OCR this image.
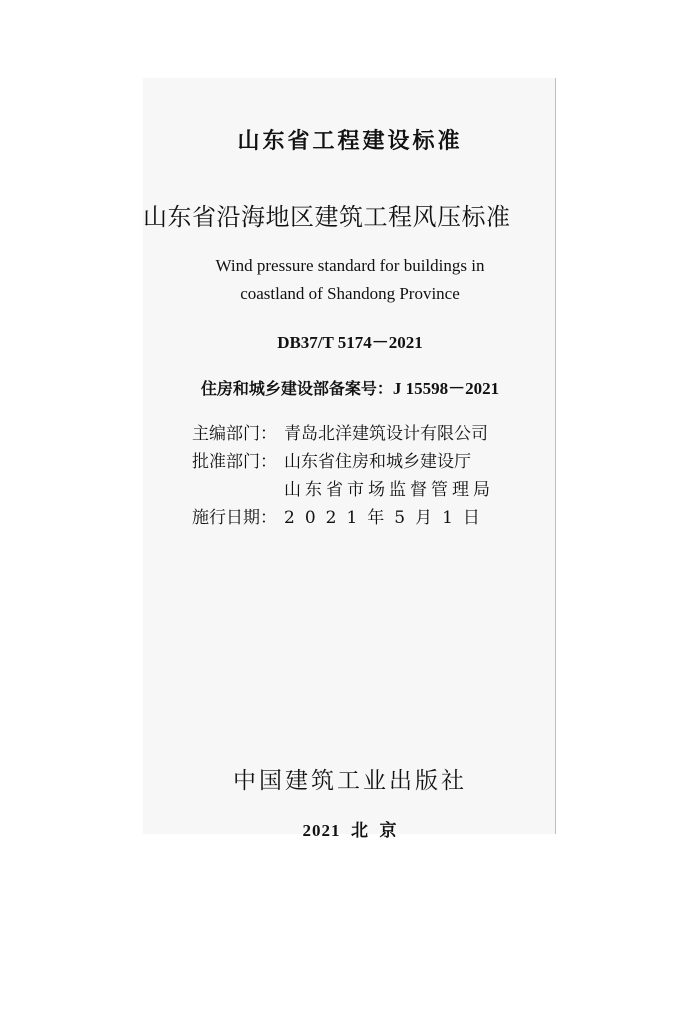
山东省工程建设标准
山东省沿海地区建筑工程风压标准
Wind pressure standard for buildings in
coastland of Shandong Province
DB37/T 5174－2021
住房和城乡建设部备案号：J 15598－2021
主编部门： 青岛北洋建筑设计有限公司
批准部门： 山东省住房和城乡建设厅
山东省市场监督管理局
施行日期： 2021年5月1日
中国建筑工业出版社
2021  北  京
